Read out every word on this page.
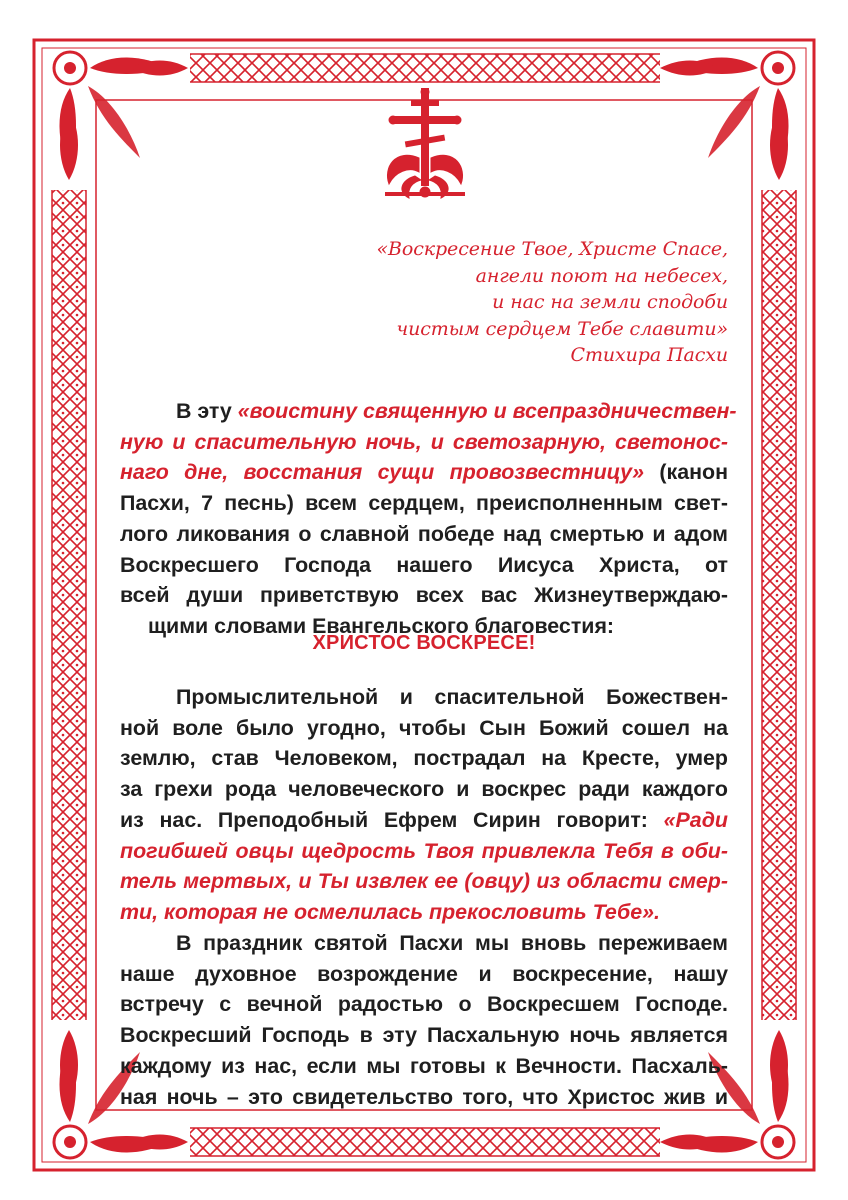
«Воскресение Твое, Христе Спасе,
ангели поют на небесех,
и нас на земли сподоби
чистым сердцем Тебе славити»
Стихира Пасхи
В эту «воистину священную и всепраздничествен-
ную и спасительную ночь, и светозарную, светонос-
наго дне, восстания сущи провозвестницу» (канон
Пасхи, 7 песнь) всем сердцем, преисполненным свет-
лого ликования о славной победе над смертью и адом
Воскресшего Господа нашего Иисуса Христа, от
всей души приветствую всех вас Жизнеутверждаю-
щими словами Евангельского благовестия:
ХРИСТОС ВОСКРЕСЕ!
Промыслительной и спасительной Божествен-
ной воле было угодно, чтобы Сын Божий сошел на
землю, став Человеком, пострадал на Кресте, умер
за грехи рода человеческого и воскрес ради каждого
из нас. Преподобный Ефрем Сирин говорит: «Ради
погибшей овцы щедрость Твоя привлекла Тебя в оби-
тель мертвых, и Ты извлек ее (овцу) из области смер-
ти, которая не осмелилась прекословить Тебе».
В праздник святой Пасхи мы вновь переживаем
наше духовное возрождение и воскресение, нашу
встречу с вечной радостью о Воскресшем Господе.
Воскресший Господь в эту Пасхальную ночь является
каждому из нас, если мы готовы к Вечности. Пасхаль-
ная ночь – это свидетельство того, что Христос жив и
